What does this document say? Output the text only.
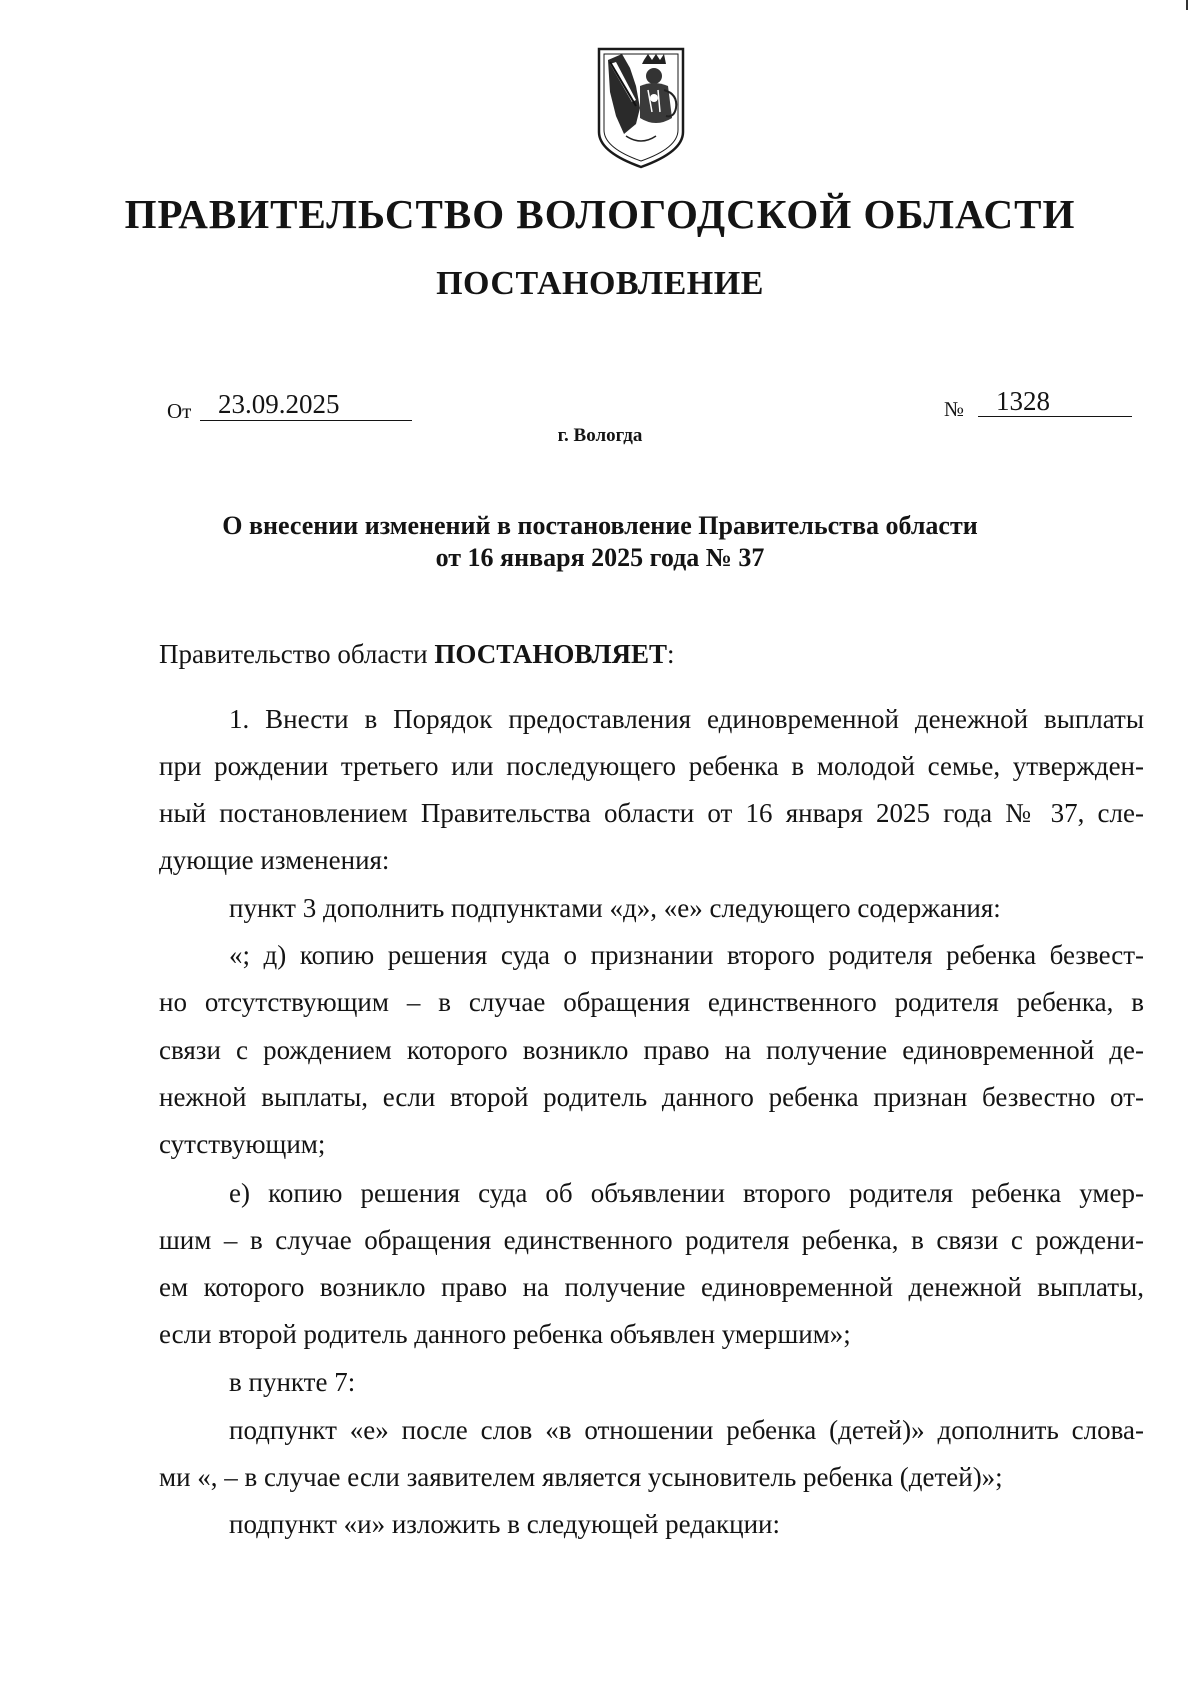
ПРАВИТЕЛЬСТВО ВОЛОГОДСКОЙ ОБЛАСТИ
ПОСТАНОВЛЕНИЕ
От 23.09.2025	№ 1328
г. Вологда
О внесении изменений в постановление Правительства области
от 16 января 2025 года № 37
Правительство области ПОСТАНОВЛЯЕТ:
1. Внести в Порядок предоставления единовременной денежной выплаты
при рождении третьего или последующего ребенка в молодой семье, утвержден-
ный постановлением Правительства области от 16 января 2025 года № 37, сле-
дующие изменения:
пункт 3 дополнить подпунктами «д», «е» следующего содержания:
«; д) копию решения суда о признании второго родителя ребенка безвест-
но отсутствующим – в случае обращения единственного родителя ребенка, в
связи с рождением которого возникло право на получение единовременной де-
нежной выплаты, если второй родитель данного ребенка признан безвестно от-
сутствующим;
е) копию решения суда об объявлении второго родителя ребенка умер-
шим – в случае обращения единственного родителя ребенка, в связи с рождени-
ем которого возникло право на получение единовременной денежной выплаты,
если второй родитель данного ребенка объявлен умершим»;
в пункте 7:
подпункт «е» после слов «в отношении ребенка (детей)» дополнить слова-
ми «, – в случае если заявителем является усыновитель ребенка (детей)»;
подпункт «и» изложить в следующей редакции:
